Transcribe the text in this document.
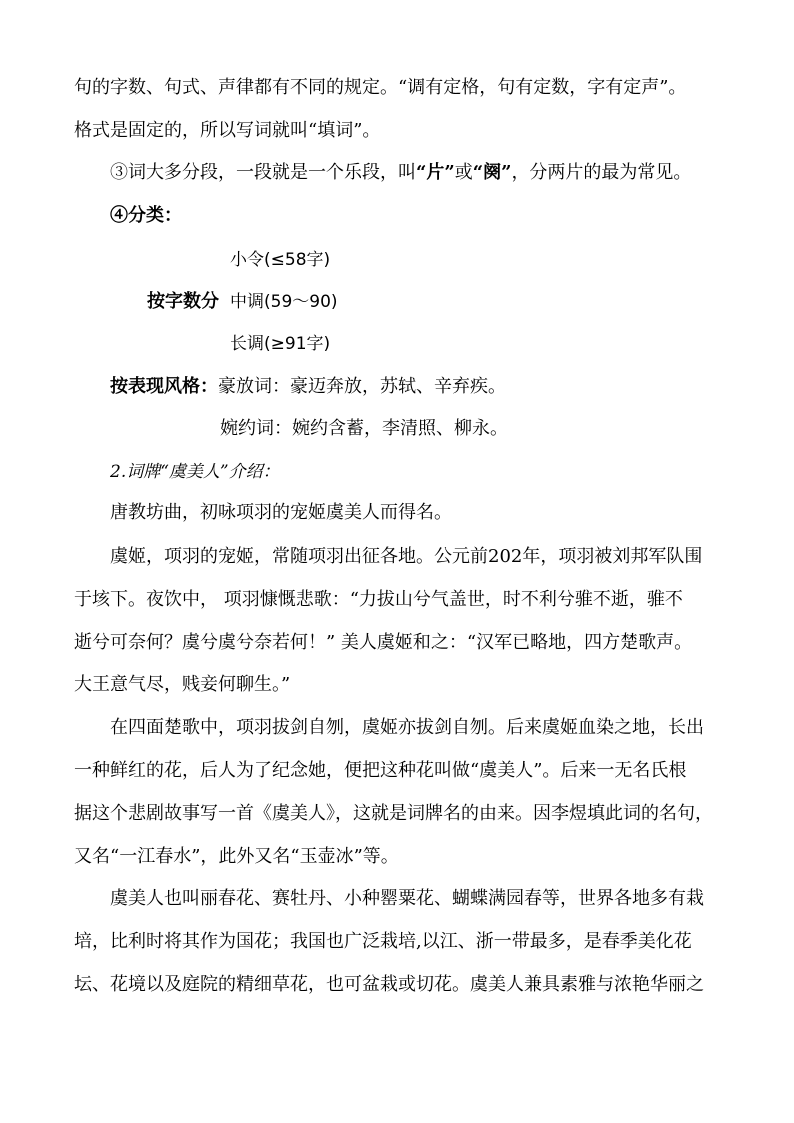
句的字数、句式、声律都有不同的规定。“调有定格，句有定数，字有定声”。
格式是固定的，所以写词就叫“填词”。
③词大多分段，一段就是一个乐段，叫“片”或“阕”，分两片的最为常见。
④分类：
小令(≤58字)
按字数分 中调(59～90)
长调(≥91字)
按表现风格：豪放词：豪迈奔放，苏轼、辛弃疾。
婉约词：婉约含蓄，李清照、柳永。
2.词牌“虞美人”介绍：
唐教坊曲，初咏项羽的宠姬虞美人而得名。
虞姬，项羽的宠姬，常随项羽出征各地。公元前202年，项羽被刘邦军队围
于垓下。夜饮中， 项羽慷慨悲歌：“力拔山兮气盖世，时不利兮骓不逝，骓不
逝兮可奈何？虞兮虞兮奈若何！” 美人虞姬和之：“汉军已略地，四方楚歌声。
大王意气尽，贱妾何聊生。”
在四面楚歌中，项羽拔剑自刎，虞姬亦拔剑自刎。后来虞姬血染之地，长出
一种鲜红的花，后人为了纪念她，便把这种花叫做“虞美人”。后来一无名氏根
据这个悲剧故事写一首《虞美人》，这就是词牌名的由来。因李煜填此词的名句，
又名“一江春水”，此外又名“玉壶冰”等。
虞美人也叫丽春花、赛牡丹、小种罂粟花、蝴蝶满园春等，世界各地多有栽
培，比利时将其作为国花；我国也广泛栽培,以江、浙一带最多，是春季美化花
坛、花境以及庭院的精细草花，也可盆栽或切花。虞美人兼具素雅与浓艳华丽之
